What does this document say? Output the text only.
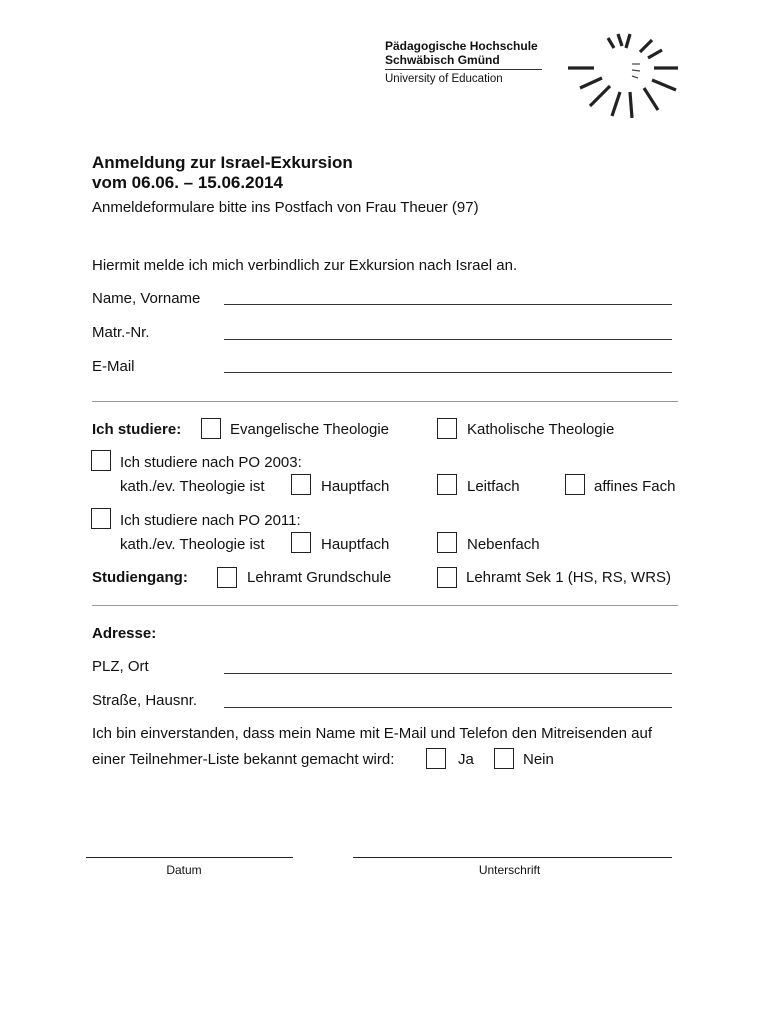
Pädagogische Hochschule
Schwäbisch Gmünd
University of Education
Anmeldung zur Israel-Exkursion
vom 06.06. – 15.06.2014
Anmeldeformulare bitte ins Postfach von Frau Theuer (97)
Hiermit melde ich mich verbindlich zur Exkursion nach Israel an.
Name, Vorname
Matr.-Nr.
E-Mail
Ich studiere:	Evangelische Theologie	Katholische Theologie
Ich studiere nach PO 2003:
kath./ev. Theologie ist	Hauptfach	Leitfach	affines Fach
Ich studiere nach PO 2011:
kath./ev. Theologie ist	Hauptfach	Nebenfach
Studiengang:	Lehramt Grundschule	Lehramt Sek 1 (HS, RS, WRS)
Adresse:
PLZ, Ort
Straße, Hausnr.
Ich bin einverstanden, dass mein Name mit E-Mail und Telefon den Mitreisenden auf
einer Teilnehmer-Liste bekannt gemacht wird:	Ja	Nein
Datum	Unterschrift
